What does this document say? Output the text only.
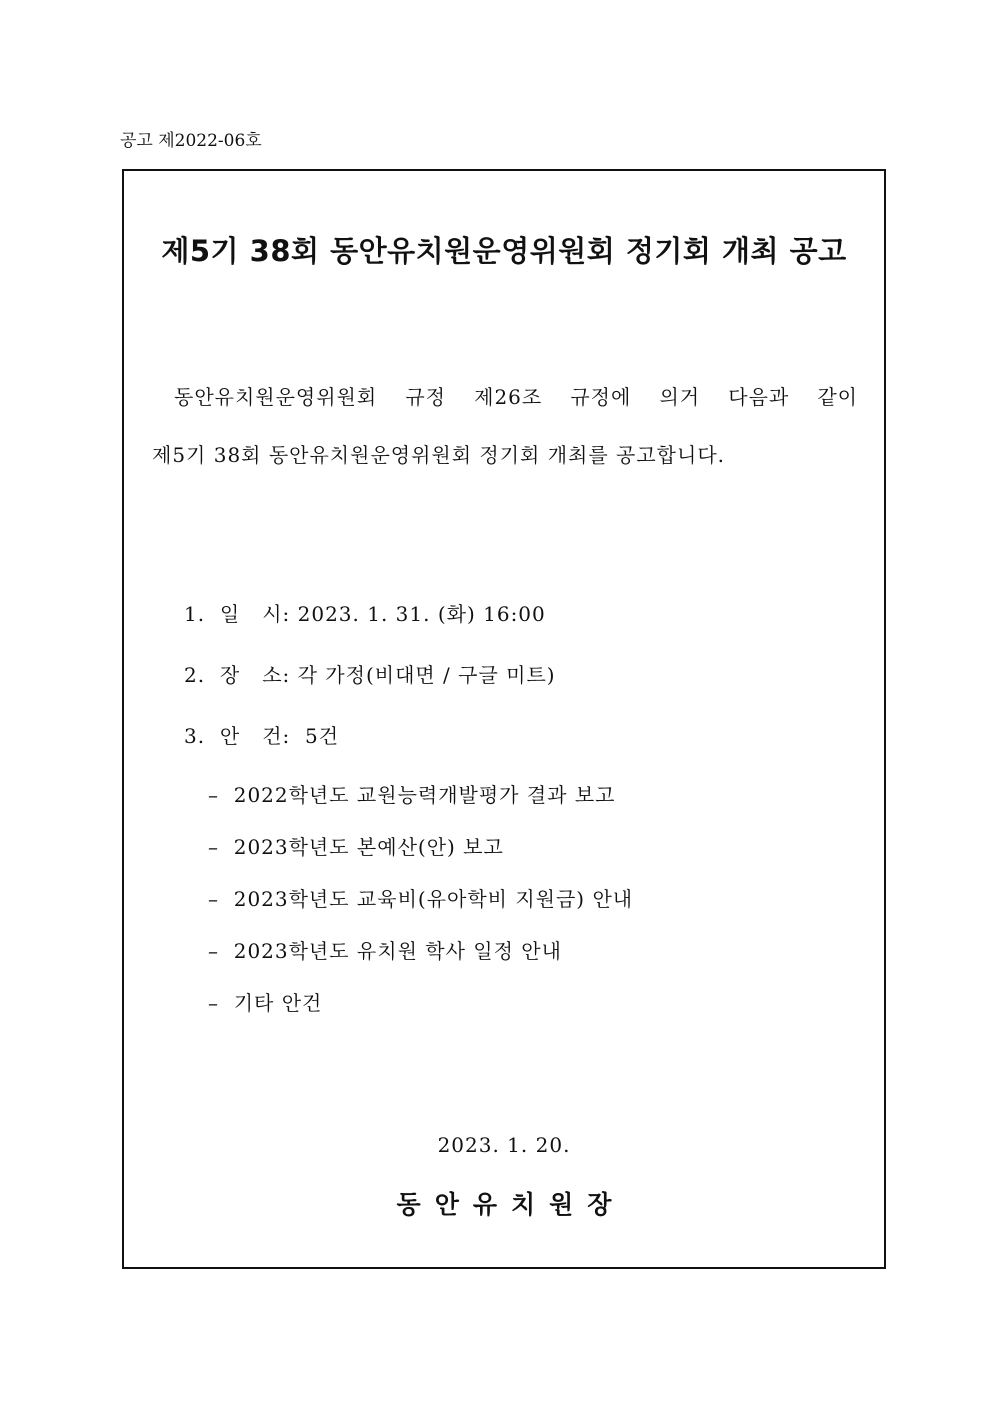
공고 제2022-06호
제5기 38회 동안유치원운영위원회 정기회 개최 공고
동안유치원운영위원회 규정 제26조 규정에 의거 다음과 같이
제5기 38회 동안유치원운영위원회 정기회 개최를 공고합니다.
1.
일   시:
2023. 1. 31. (화) 16:00
2.
장   소:
각 가정(비대면 / 구글 미트)
3.
안   건:
5건
–  2022학년도 교원능력개발평가 결과 보고
–  2023학년도 본예산(안) 보고
–  2023학년도 교육비(유아학비 지원금) 안내
–  2023학년도 유치원 학사 일정 안내
–  기타 안건
2023. 1. 20.
동안유치원장
